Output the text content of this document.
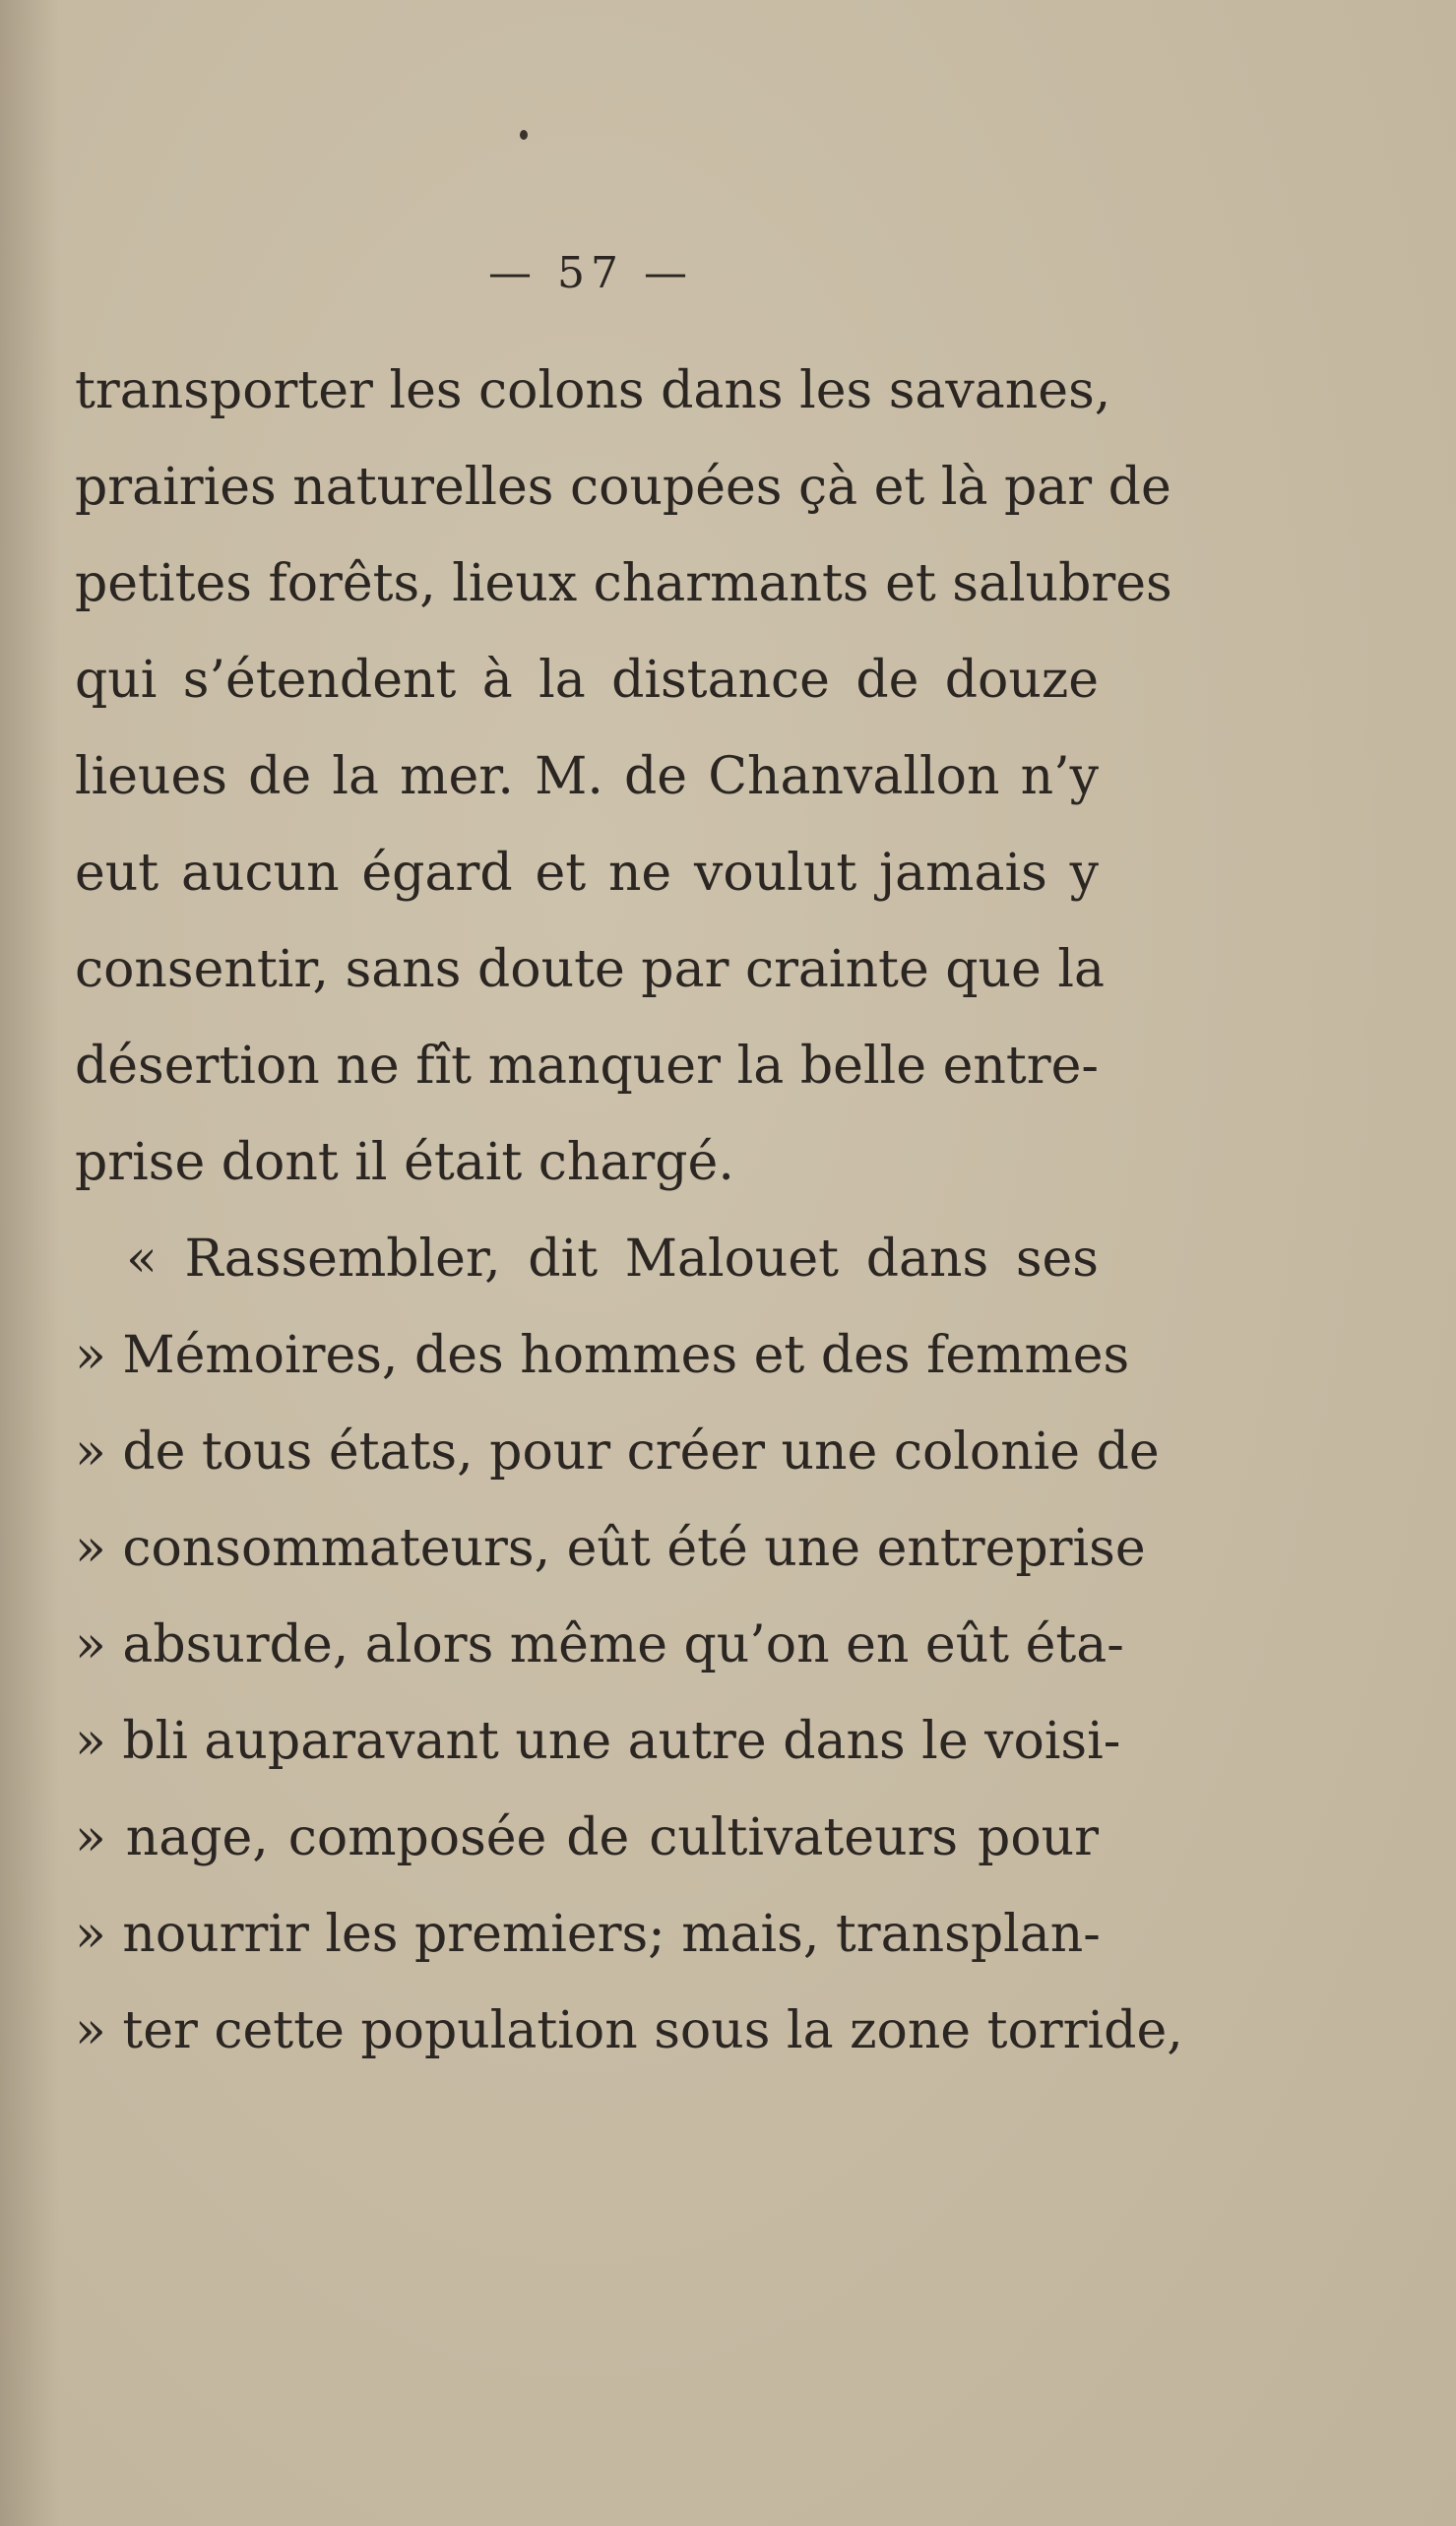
— 57 —
transporter les colons dans les savanes,
prairies naturelles coupées çà et là par de
petites forêts, lieux charmants et salubres
qui s’étendent à la distance de douze
lieues de la mer. M. de Chanvallon n’y
eut aucun égard et ne voulut jamais y
consentir, sans doute par crainte que la
désertion ne fît manquer la belle entre-
prise dont il était chargé.
« Rassembler, dit Malouet dans ses
» Mémoires, des hommes et des femmes
» de tous états, pour créer une colonie de
» consommateurs, eût été une entreprise
» absurde, alors même qu’on en eût éta-
» bli auparavant une autre dans le voisi-
» nage, composée de cultivateurs pour
» nourrir les premiers; mais, transplan-
» ter cette population sous la zone torride,
